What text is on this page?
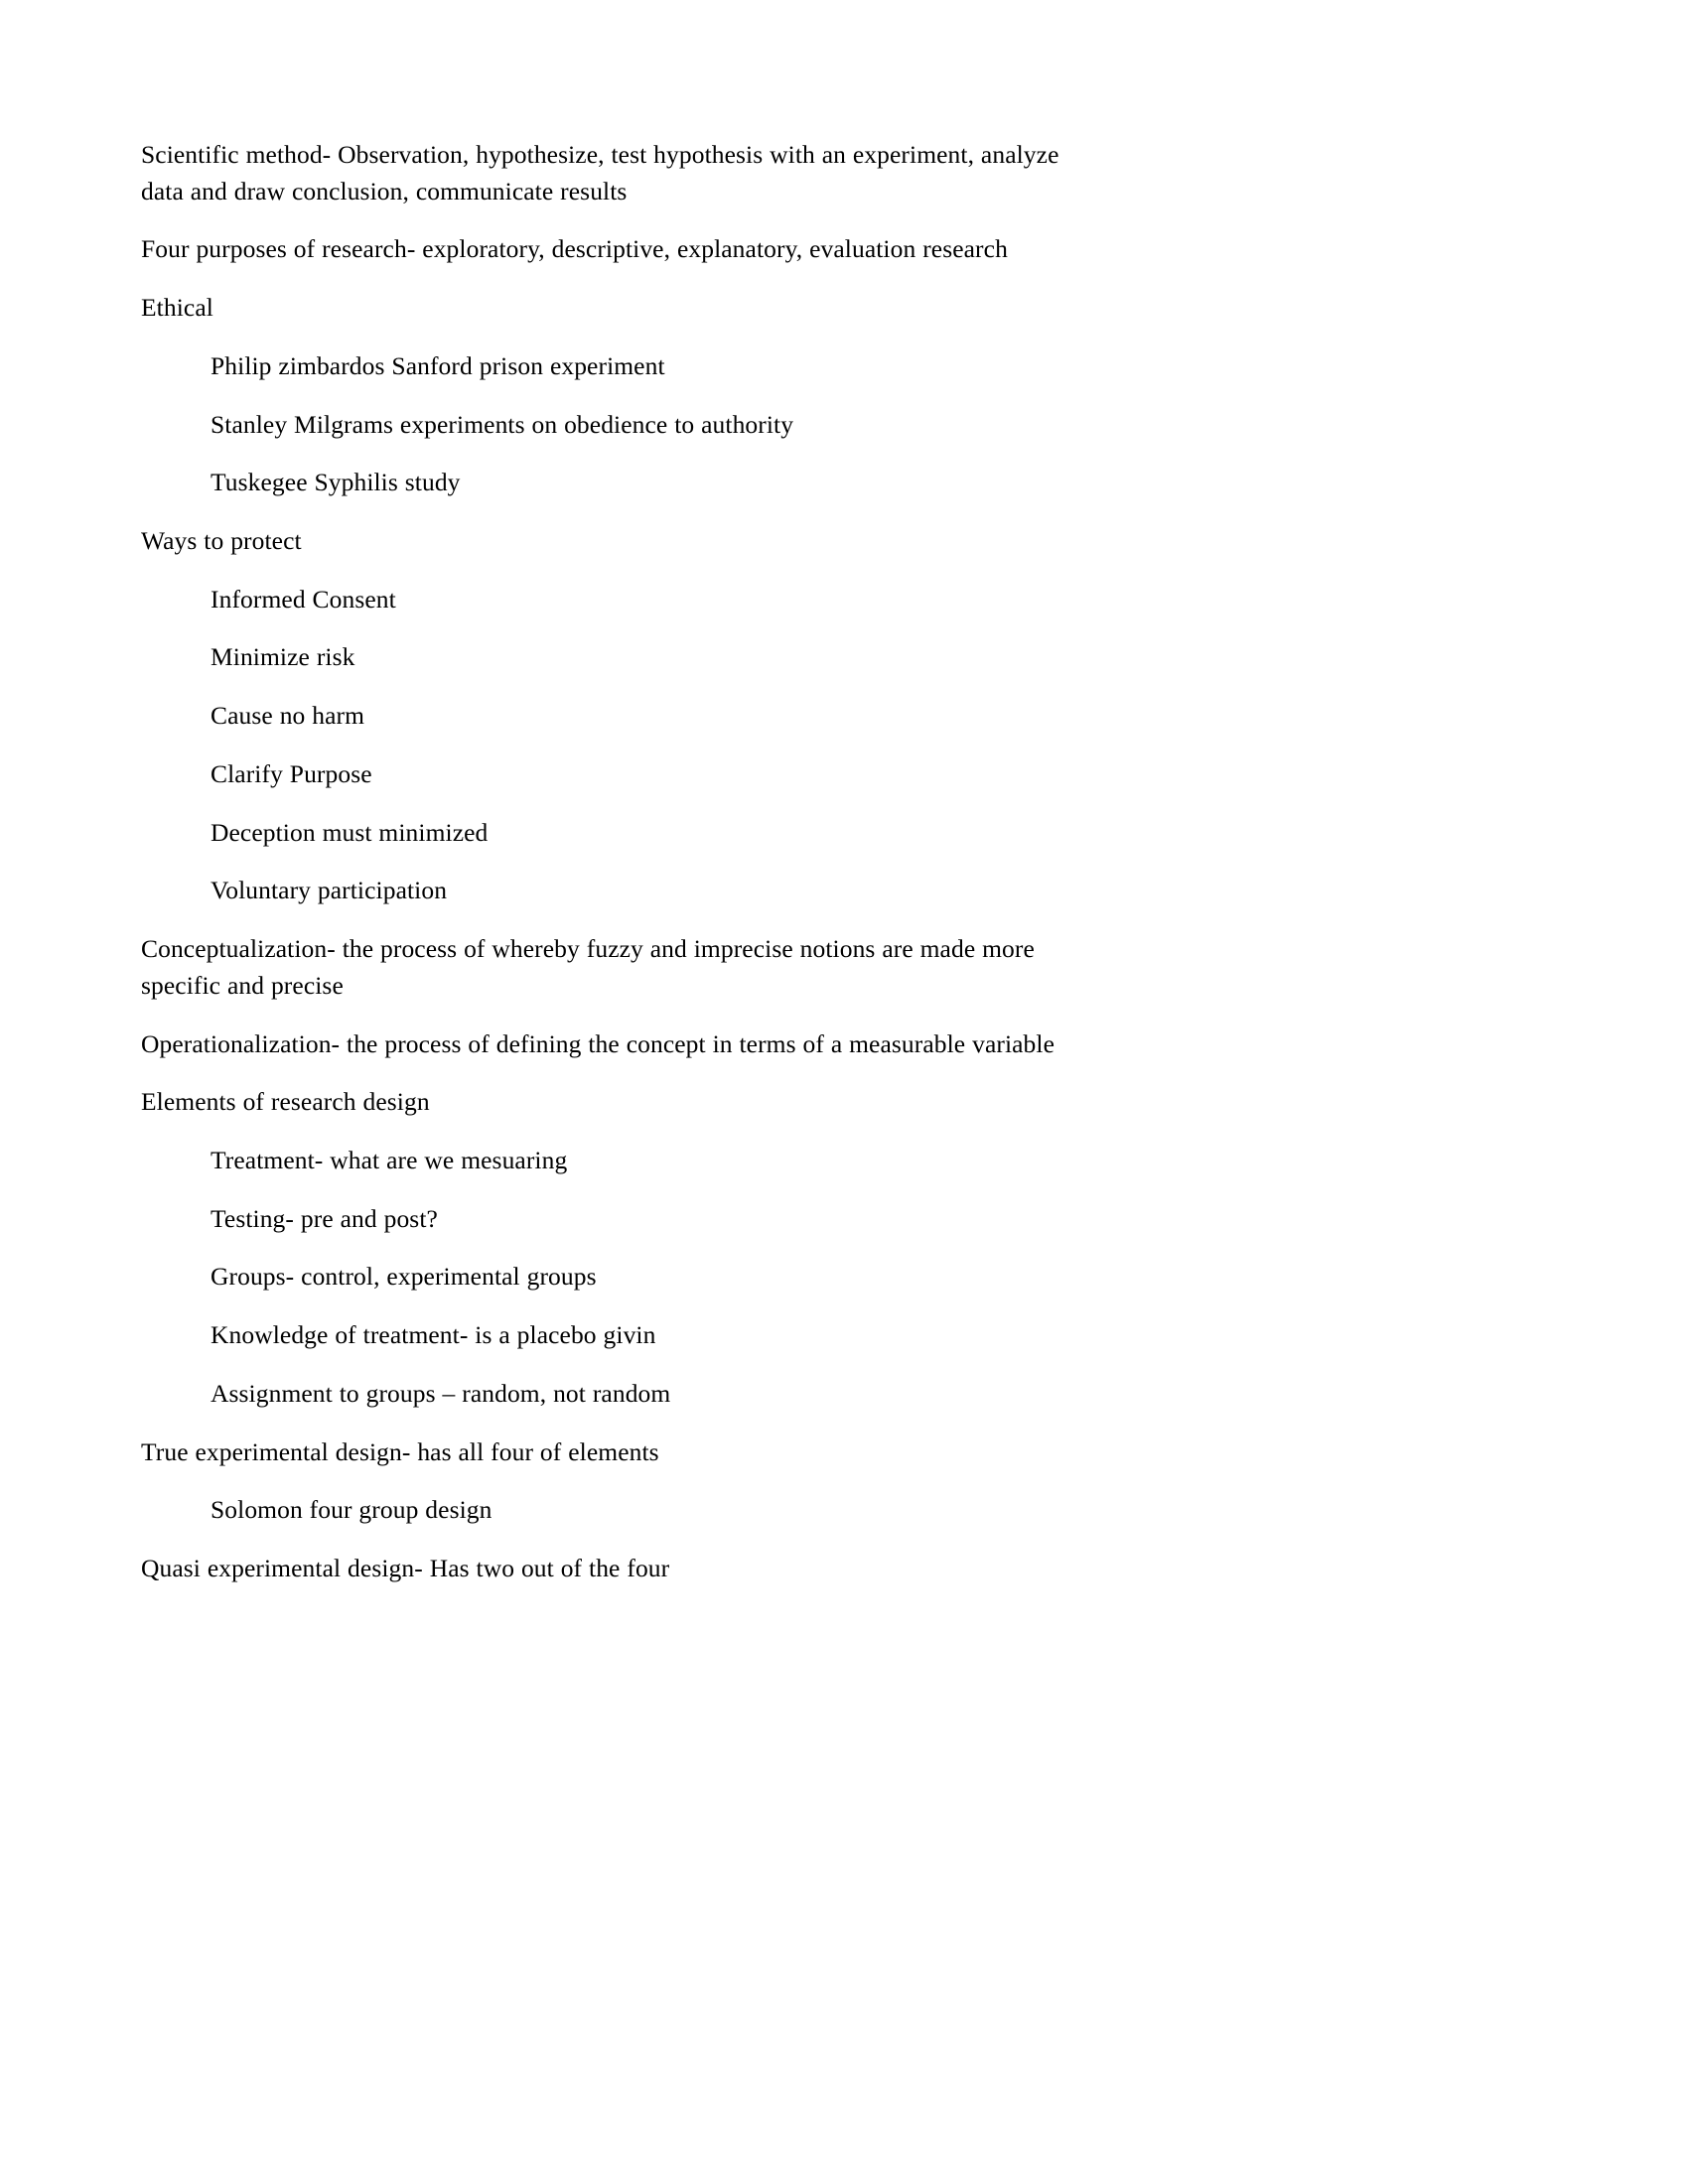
Scientific method- Observation, hypothesize, test hypothesis with an experiment, analyze data and draw conclusion, communicate results

Four purposes of research- exploratory, descriptive, explanatory, evaluation research

Ethical

Philip zimbardos Sanford prison experiment

Stanley Milgrams experiments on obedience to authority

Tuskegee Syphilis study

Ways to protect

Informed Consent

Minimize risk

Cause no harm

Clarify Purpose

Deception must minimized

Voluntary participation

Conceptualization- the process of whereby fuzzy and imprecise notions are made more specific and precise

Operationalization- the process of defining the concept in terms of a measurable variable

Elements of research design

Treatment- what are we mesuaring

Testing- pre and post?

Groups- control, experimental groups

Knowledge of treatment- is a placebo givin

Assignment to groups – random, not random

True experimental design- has all four of elements

Solomon four group design

Quasi experimental design- Has two out of the four
